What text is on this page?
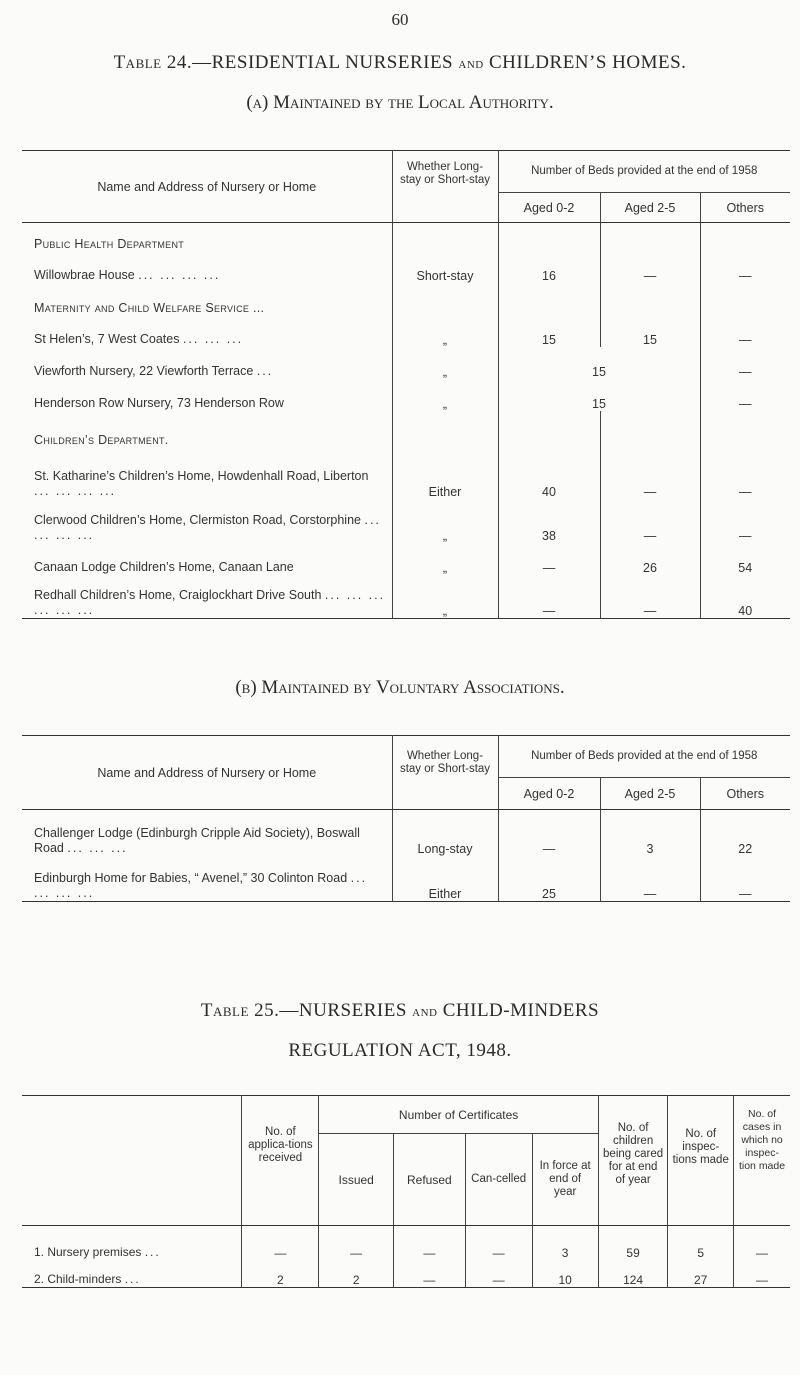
60
Table 24.—RESIDENTIAL NURSERIES and CHILDREN’S HOMES.
(a) Maintained by the Local Authority.
Name and Address of Nursery or Home	Whether Long-stay or Short-stay	Number of Beds provided at the end of 1958		
		Aged 0-2	Aged 2-5	Others
Public Health Department				
Willowbrae House ... ... ... ...	Short-stay	16	—	—
Maternity and Child Welfare Service ...				
St Helen’s, 7 West Coates ... ... ...	„	15	15	—
Viewforth Nursery, 22 Viewforth Terrace ...	„	15		—
Henderson Row Nursery, 73 Henderson Row	„	15		—
Children’s Department.				
St. Katharine’s Children’s Home, Howdenhall Road, Liberton ... ... ... ...	Either	40	—	—
Clerwood Children’s Home, Clermiston Road, Corstorphine ... ... ... ...	„	38	—	—
Canaan Lodge Children’s Home, Canaan Lane	„	—	26	54
Redhall Children’s Home, Craiglockhart Drive South ... ... ... ... ... ...	„	—	—	40
(b) Maintained by Voluntary Associations.
Name and Address of Nursery or Home	Whether Long-stay or Short-stay	Number of Beds provided at the end of 1958		
		Aged 0-2	Aged 2-5	Others
Challenger Lodge (Edinburgh Cripple Aid Society), Boswall Road ... ... ...	Long-stay	—	3	22
Edinburgh Home for Babies, “ Avenel,” 30 Colinton Road ... ... ... ...	Either	25	—	—
Table 25.—NURSERIES and CHILD-MINDERS
REGULATION ACT, 1948.
	No. of applica-tions received	Number of Certificates				No. of children being cared for at end of year	No. of inspec-tions made	No. of cases in which no inspec-tion made
		Issued	Refused	Can-celled	In force at end of year			
1. Nursery premises ...	—	—	—	—	3	59	5	—
2. Child-minders ...	2	2	—	—	10	124	27	—
